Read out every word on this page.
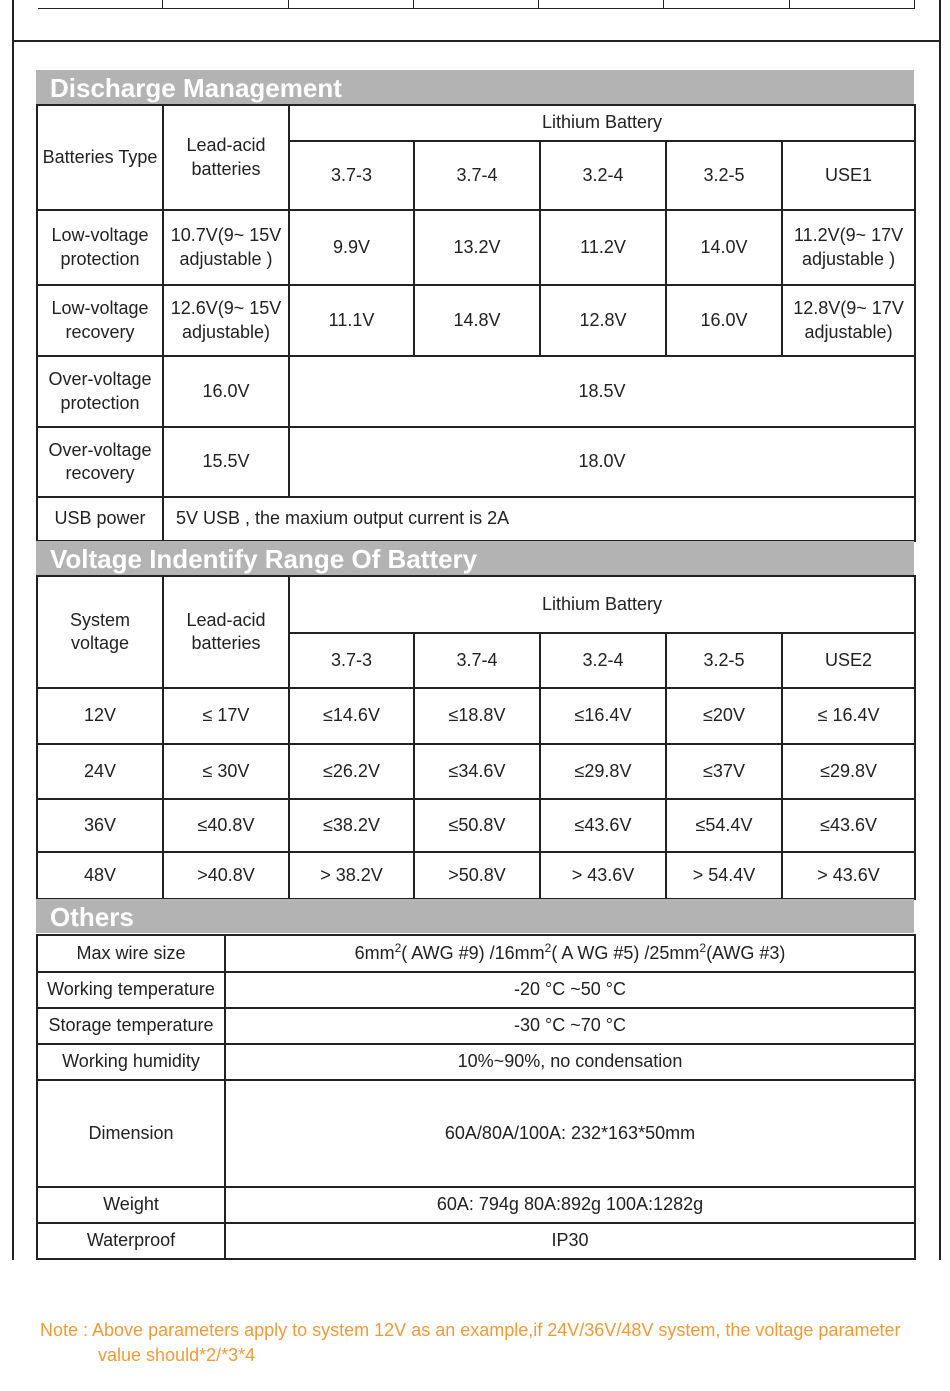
Discharge Management
Batteries Type	Lead-acid batteries	Lithium Battery				
		3.7-3	3.7-4	3.2-4	3.2-5	USE1
Low-voltage protection	10.7V(9~ 15V adjustable )	9.9V	13.2V	11.2V	14.0V	11.2V(9~ 17V adjustable )
Low-voltage recovery	12.6V(9~ 15V adjustable)	11.1V	14.8V	12.8V	16.0V	12.8V(9~ 17V adjustable)
Over-voltage protection	16.0V	18.5V				
Over-voltage recovery	15.5V	18.0V				
USB power	5V USB , the maxium output current is 2A					
Voltage Indentify Range Of Battery
System voltage	Lead-acid batteries	Lithium Battery				
		3.7-3	3.7-4	3.2-4	3.2-5	USE2
12V	≤ 17V	≤14.6V	≤18.8V	≤16.4V	≤20V	≤ 16.4V
24V	≤ 30V	≤26.2V	≤34.6V	≤29.8V	≤37V	≤29.8V
36V	≤40.8V	≤38.2V	≤50.8V	≤43.6V	≤54.4V	≤43.6V
48V	>40.8V	> 38.2V	>50.8V	> 43.6V	> 54.4V	> 43.6V
Others
Max wire size	$6mm^2$( AWG #9) $/16mm^2$( A WG #5) $/25mm^2(AWG$ #3)
Working temperature	-20 °C ~50 °C
Storage temperature	-30 °C ~70 °C
Working humidity	10%~90%, no condensation
Dimension	60A/80A/100A: 232*163*50mm
Weight	60A: 794g 80A:892g 100A:1282g
Waterproof	IP30
Note : Above parameters apply to system 12V as an example,if 24V/36V/48V system, the voltage parameter
value should*2/*3*4
